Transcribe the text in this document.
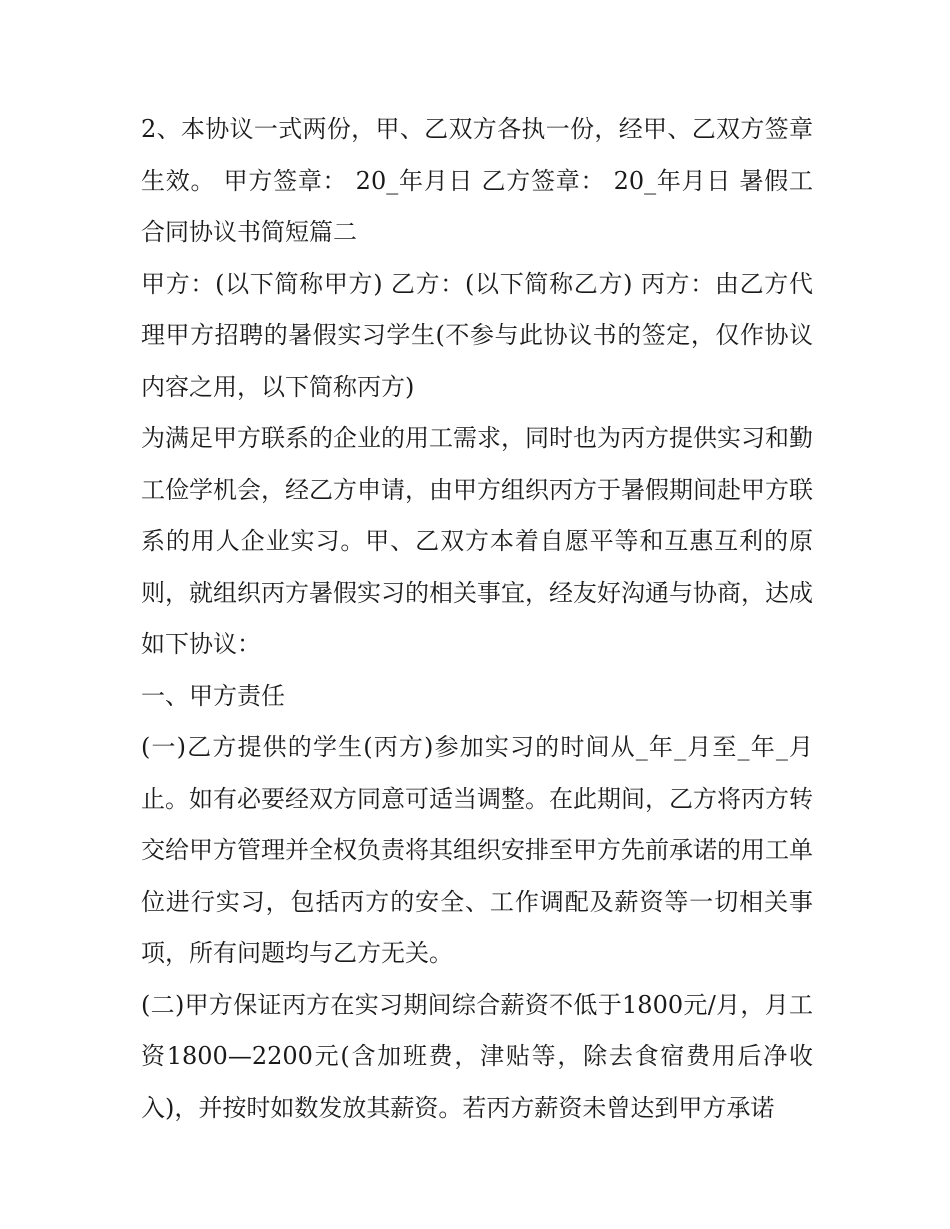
2、本协议一式两份，甲、乙双方各执一份，经甲、乙双方签章生效。 甲方签章： 20_年月日 乙方签章： 20_年月日 暑假工合同协议书简短篇二

甲方：(以下简称甲方) 乙方：(以下简称乙方) 丙方：由乙方代理甲方招聘的暑假实习学生(不参与此协议书的签定，仅作协议内容之用，以下简称丙方)

为满足甲方联系的企业的用工需求，同时也为丙方提供实习和勤工俭学机会，经乙方申请，由甲方组织丙方于暑假期间赴甲方联系的用人企业实习。甲、乙双方本着自愿平等和互惠互利的原则，就组织丙方暑假实习的相关事宜，经友好沟通与协商，达成如下协议：

一、甲方责任

(一)乙方提供的学生(丙方)参加实习的时间从_年_月至_年_月止。如有必要经双方同意可适当调整。在此期间，乙方将丙方转交给甲方管理并全权负责将其组织安排至甲方先前承诺的用工单位进行实习，包括丙方的安全、工作调配及薪资等一切相关事项，所有问题均与乙方无关。

(二)甲方保证丙方在实习期间综合薪资不低于1800元/月，月工资1800—2200元(含加班费，津贴等，除去食宿费用后净收入)，并按时如数发放其薪资。若丙方薪资未曾达到甲方承诺
